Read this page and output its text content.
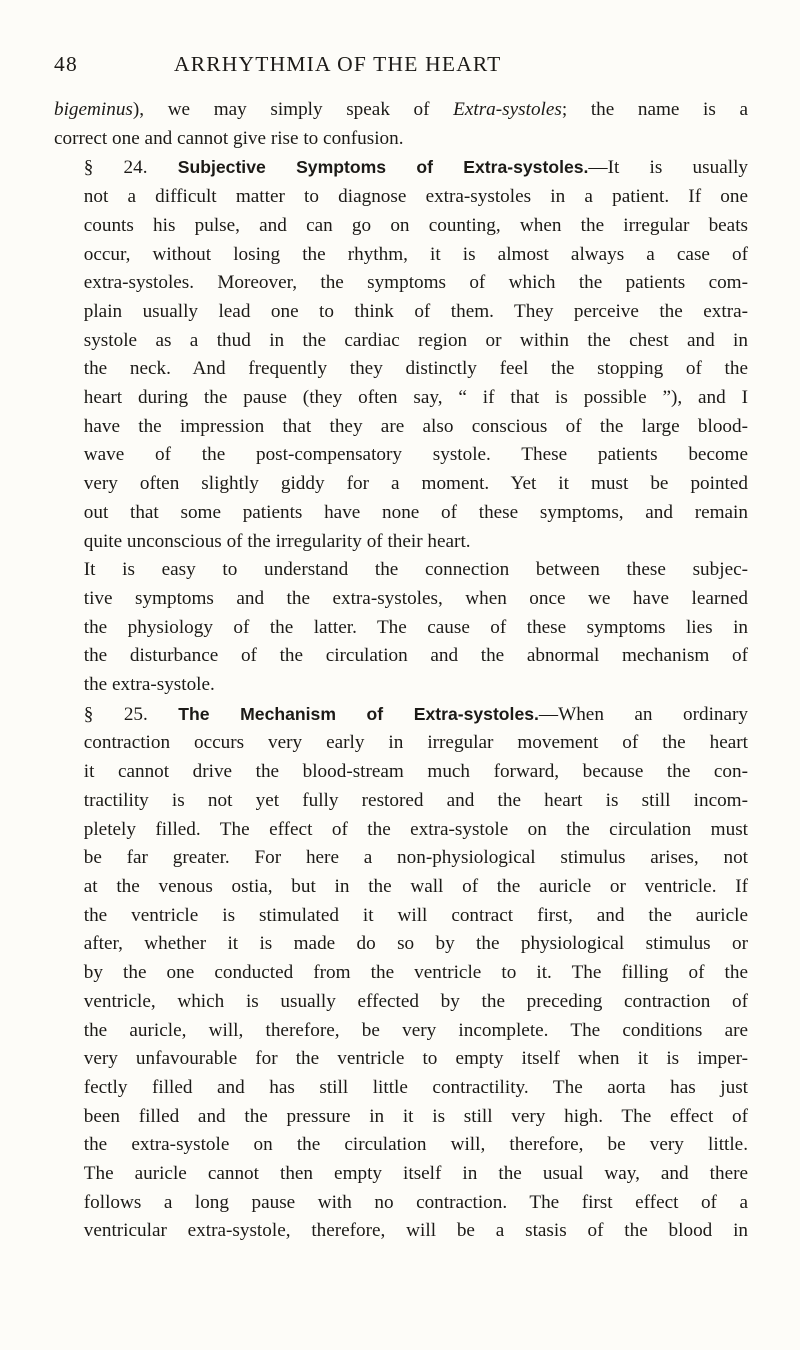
48	ARRHYTHMIA OF THE HEART

bigeminus), we may simply speak of Extra-systoles; the name is a
correct one and cannot give rise to confusion.

§ 24. Subjective Symptoms of Extra-systoles.—It is usually
not a difficult matter to diagnose extra-systoles in a patient. If one
counts his pulse, and can go on counting, when the irregular beats
occur, without losing the rhythm, it is almost always a case of
extra-systoles. Moreover, the symptoms of which the patients com-
plain usually lead one to think of them. They perceive the extra-
systole as a thud in the cardiac region or within the chest and in
the neck. And frequently they distinctly feel the stopping of the
heart during the pause (they often say, “ if that is possible ”), and I
have the impression that they are also conscious of the large blood-
wave of the post-compensatory systole. These patients become
very often slightly giddy for a moment. Yet it must be pointed
out that some patients have none of these symptoms, and remain
quite unconscious of the irregularity of their heart.

It is easy to understand the connection between these subjec-
tive symptoms and the extra-systoles, when once we have learned
the physiology of the latter. The cause of these symptoms lies in
the disturbance of the circulation and the abnormal mechanism of
the extra-systole.

§ 25. The Mechanism of Extra-systoles.—When an ordinary
contraction occurs very early in irregular movement of the heart
it cannot drive the blood-stream much forward, because the con-
tractility is not yet fully restored and the heart is still incom-
pletely filled. The effect of the extra-systole on the circulation must
be far greater. For here a non-physiological stimulus arises, not
at the venous ostia, but in the wall of the auricle or ventricle. If
the ventricle is stimulated it will contract first, and the auricle
after, whether it is made do so by the physiological stimulus or
by the one conducted from the ventricle to it. The filling of the
ventricle, which is usually effected by the preceding contraction of
the auricle, will, therefore, be very incomplete. The conditions are
very unfavourable for the ventricle to empty itself when it is imper-
fectly filled and has still little contractility. The aorta has just
been filled and the pressure in it is still very high. The effect of
the extra-systole on the circulation will, therefore, be very little.
The auricle cannot then empty itself in the usual way, and there
follows a long pause with no contraction. The first effect of a
ventricular extra-systole, therefore, will be a stasis of the blood in
